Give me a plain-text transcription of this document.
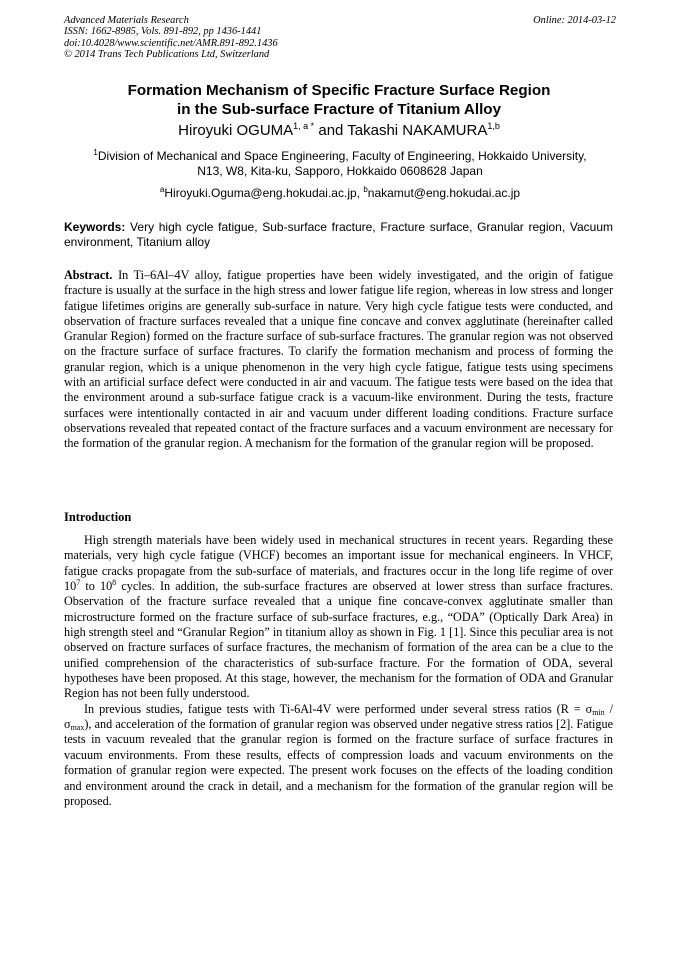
Advanced Materials Research	Online: 2014-03-12
ISSN: 1662-8985, Vols. 891-892, pp 1436-1441
doi:10.4028/www.scientific.net/AMR.891-892.1436
© 2014 Trans Tech Publications Ltd, Switzerland
Formation Mechanism of Specific Fracture Surface Region
in the Sub-surface Fracture of Titanium Alloy
Hiroyuki $OGUMA^{1, a *}$ and Takashi NAKAMURA$^{1,b}$
$^1$Division of Mechanical and Space Engineering, Faculty of Engineering, Hokkaido University,
N13, W8, Kita-ku, Sapporo, Hokkaido 0608628 Japan
$^a$Hiroyuki.Oguma@eng.hokudai.ac.jp, $^b$nakamut@eng.hokudai.ac.jp
Keywords: Very high cycle fatigue, Sub-surface fracture, Fracture surface, Granular region, Vacuum environment, Titanium alloy
Abstract. In Ti–6Al–4V alloy, fatigue properties have been widely investigated, and the origin of fatigue fracture is usually at the surface in the high stress and lower fatigue life region, whereas in low stress and longer fatigue lifetimes origins are generally sub-surface in nature. Very high cycle fatigue tests were conducted, and observation of fracture surfaces revealed that a unique fine concave and convex agglutinate (hereinafter called Granular Region) formed on the fracture surface of sub-surface fractures. The granular region was not observed on the fracture surface of surface fractures. To clarify the formation mechanism and process of forming the granular region, which is a unique phenomenon in the very high cycle fatigue, fatigue tests using specimens with an artificial surface defect were conducted in air and vacuum. The fatigue tests were based on the idea that the environment around a sub-surface fatigue crack is a vacuum-like environment. During the tests, fracture surfaces were intentionally contacted in air and vacuum under different loading conditions. Fracture surface observations revealed that repeated contact of the fracture surfaces and a vacuum environment are necessary for the formation of the granular region. A mechanism for the formation of the granular region will be proposed.
Introduction

High strength materials have been widely used in mechanical structures in recent years. Regarding these materials, very high cycle fatigue (VHCF) becomes an important issue for mechanical engineers. In VHCF, fatigue cracks propagate from the sub-surface of materials, and fractures occur in the long life regime of over $10^7$ to $10^8$ cycles. In addition, the sub-surface fractures are observed at lower stress than surface fractures. Observation of the fracture surface revealed that a unique fine concave-convex agglutinate smaller than microstructure formed on the fracture surface of sub-surface fractures, e.g., “ODA” (Optically Dark Area) in high strength steel and “Granular Region” in titanium alloy as shown in Fig. 1 [1]. Since this peculiar area is not observed on fracture surfaces of surface fractures, the mechanism of formation of the area can be a clue to the unified comprehension of the characteristics of sub-surface fracture. For the formation of ODA, several hypotheses have been proposed. At this stage, however, the mechanism for the formation of ODA and Granular Region has not been fully understood.

In previous studies, fatigue tests with Ti-6Al-4V were performed under several stress ratios $(R = \sigma_{min} / \sigma_{max})$, and acceleration of the formation of granular region was observed under negative stress ratios [2]. Fatigue tests in vacuum revealed that the granular region is formed on the fracture surface of surface fractures in vacuum environments. From these results, effects of compression loads and vacuum environments on the formation of granular region were expected. The present work focuses on the effects of the loading condition and environment around the crack in detail, and a mechanism for the formation of the granular region will be proposed.
